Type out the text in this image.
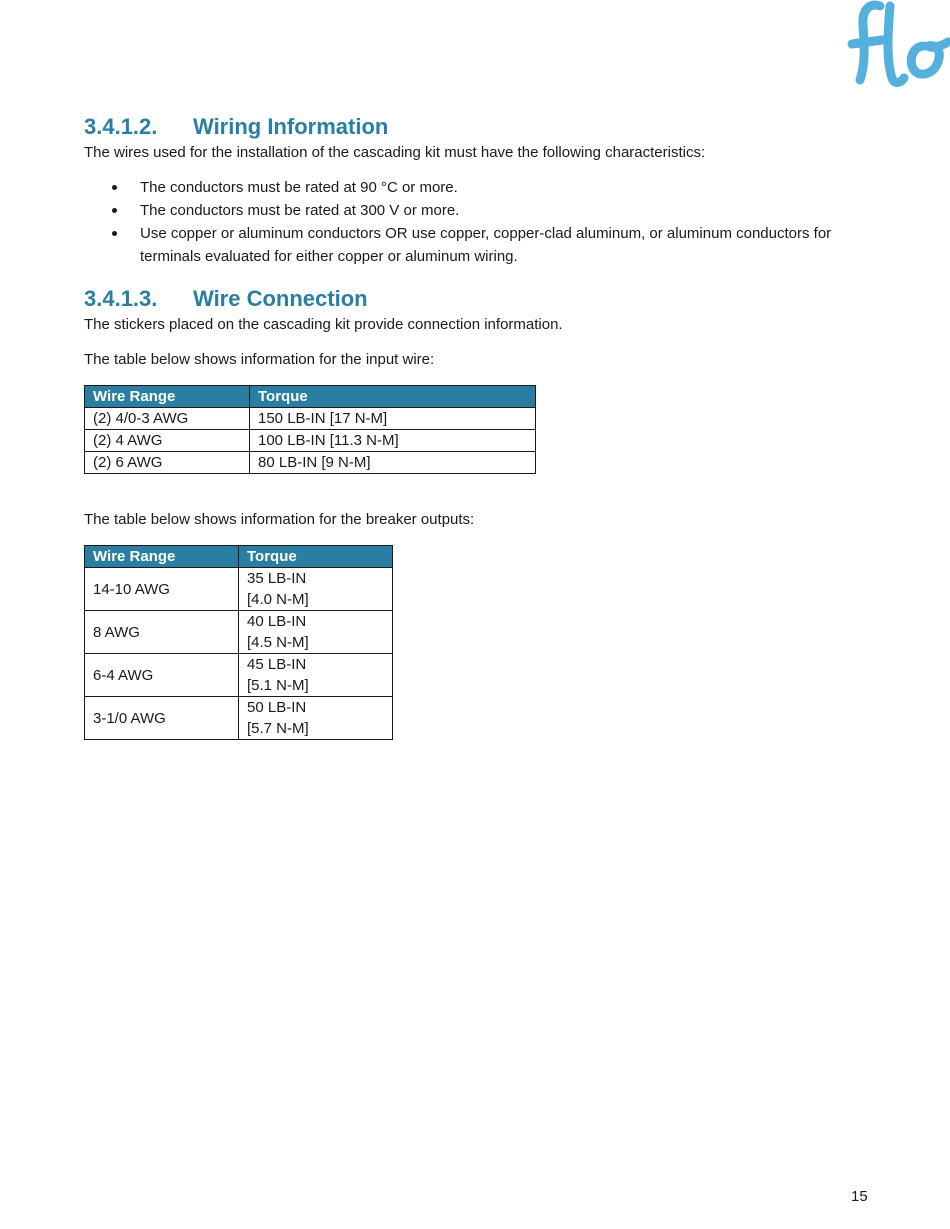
3.4.1.2.	Wiring Information

The wires used for the installation of the cascading kit must have the following characteristics:

The conductors must be rated at 90 °C or more.
The conductors must be rated at 300 V or more.
Use copper or aluminum conductors OR use copper, copper-clad aluminum, or aluminum conductors for terminals evaluated for either copper or aluminum wiring.
3.4.1.3.	Wire Connection

The stickers placed on the cascading kit provide connection information.

The table below shows information for the input wire:

Wire Range	Torque
(2) 4/0-3 AWG	150 LB-IN [17 N-M]
(2) 4 AWG	100 LB-IN [11.3 N-M]
(2) 6 AWG	80 LB-IN [9 N-M]

The table below shows information for the breaker outputs:

Wire Range	Torque
14-10 AWG	35 LB-IN
[4.0 N-M]

8 AWG	40 LB-IN
[4.5 N-M]

6-4 AWG	45 LB-IN
[5.1 N-M]

3-1/0 AWG	50 LB-IN
[5.7 N-M]
15
